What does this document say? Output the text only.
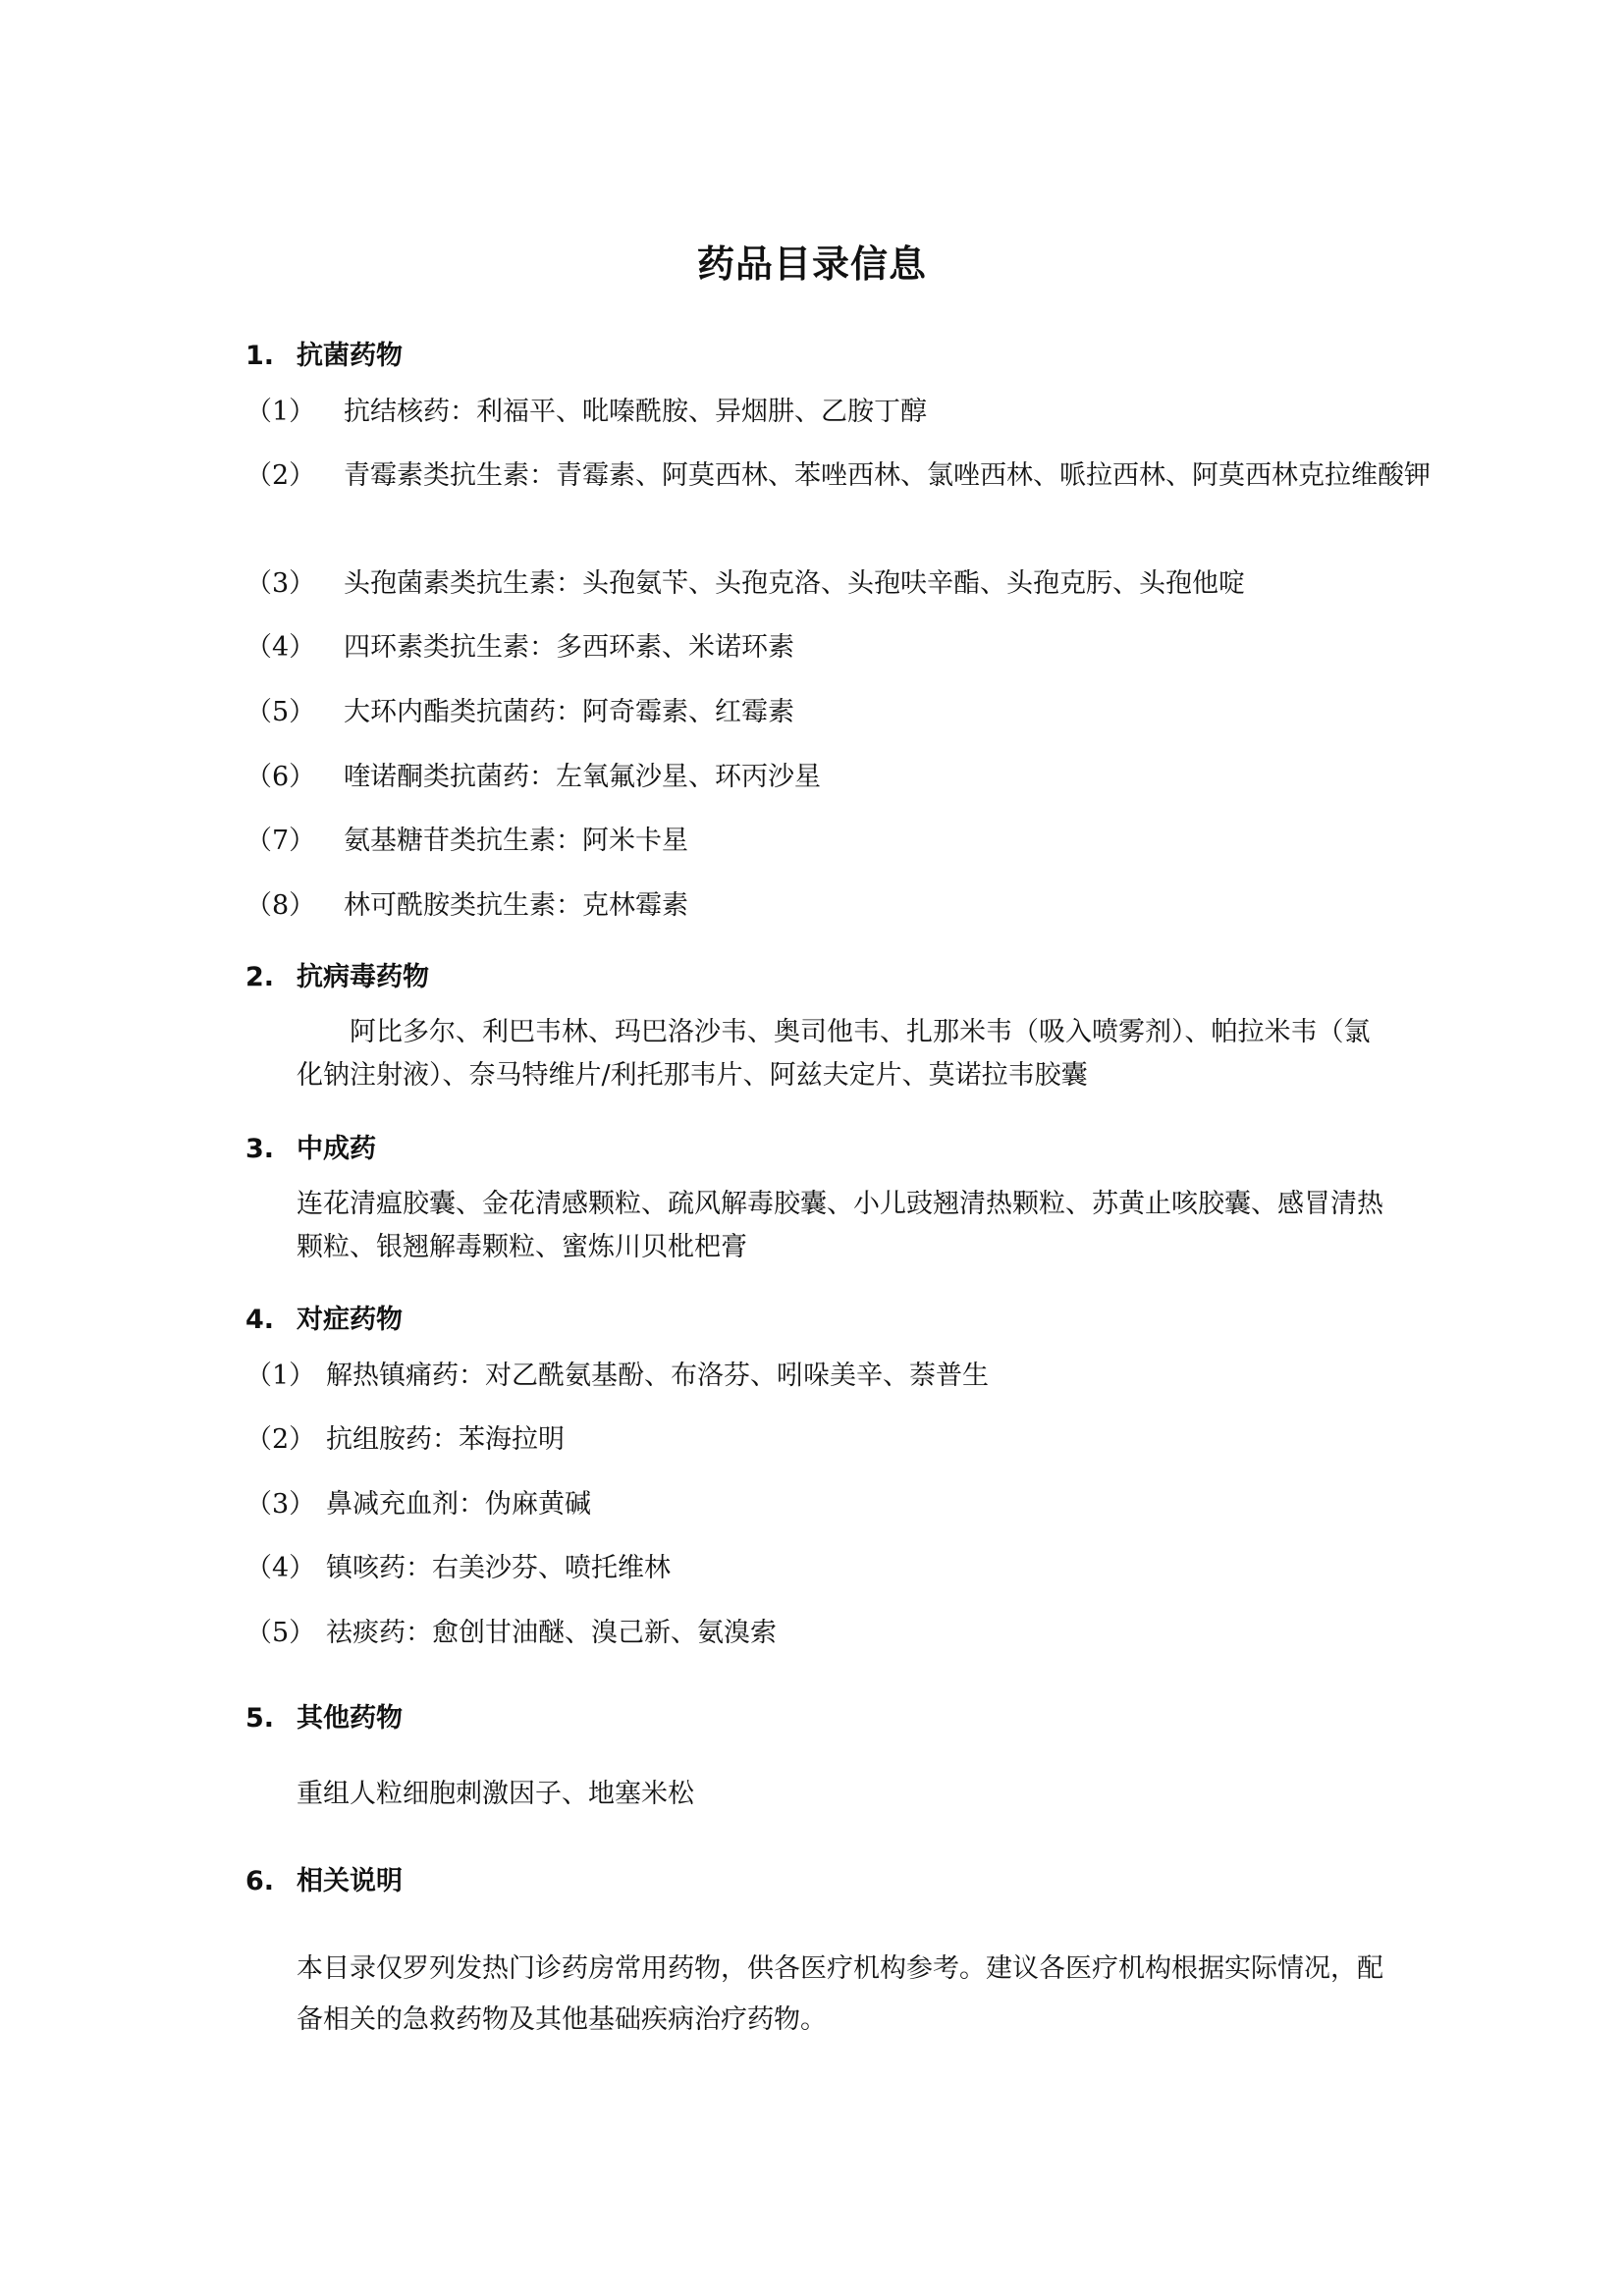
药品目录信息
1. 抗菌药物
（1） 抗结核药：利福平、吡嗪酰胺、异烟肼、乙胺丁醇
（2） 青霉素类抗生素：青霉素、阿莫西林、苯唑西林、氯唑西林、哌拉西林、阿莫西林克拉维酸钾
（3） 头孢菌素类抗生素：头孢氨苄、头孢克洛、头孢呋辛酯、头孢克肟、头孢他啶
（4） 四环素类抗生素：多西环素、米诺环素
（5） 大环内酯类抗菌药：阿奇霉素、红霉素
（6） 喹诺酮类抗菌药：左氧氟沙星、环丙沙星
（7） 氨基糖苷类抗生素：阿米卡星
（8） 林可酰胺类抗生素：克林霉素
2. 抗病毒药物
阿比多尔、利巴韦林、玛巴洛沙韦、奥司他韦、扎那米韦（吸入喷雾剂）、帕拉米韦（氯化钠注射液）、奈马特维片/利托那韦片、阿兹夫定片、莫诺拉韦胶囊
3. 中成药
连花清瘟胶囊、金花清感颗粒、疏风解毒胶囊、小儿豉翘清热颗粒、苏黄止咳胶囊、感冒清热颗粒、银翘解毒颗粒、蜜炼川贝枇杷膏
4. 对症药物
（1） 解热镇痛药：对乙酰氨基酚、布洛芬、吲哚美辛、萘普生
（2） 抗组胺药：苯海拉明
（3） 鼻减充血剂：伪麻黄碱
（4） 镇咳药：右美沙芬、喷托维林
（5） 祛痰药：愈创甘油醚、溴己新、氨溴索
5. 其他药物
重组人粒细胞刺激因子、地塞米松
6. 相关说明
本目录仅罗列发热门诊药房常用药物，供各医疗机构参考。建议各医疗机构根据实际情况，配备相关的急救药物及其他基础疾病治疗药物。
